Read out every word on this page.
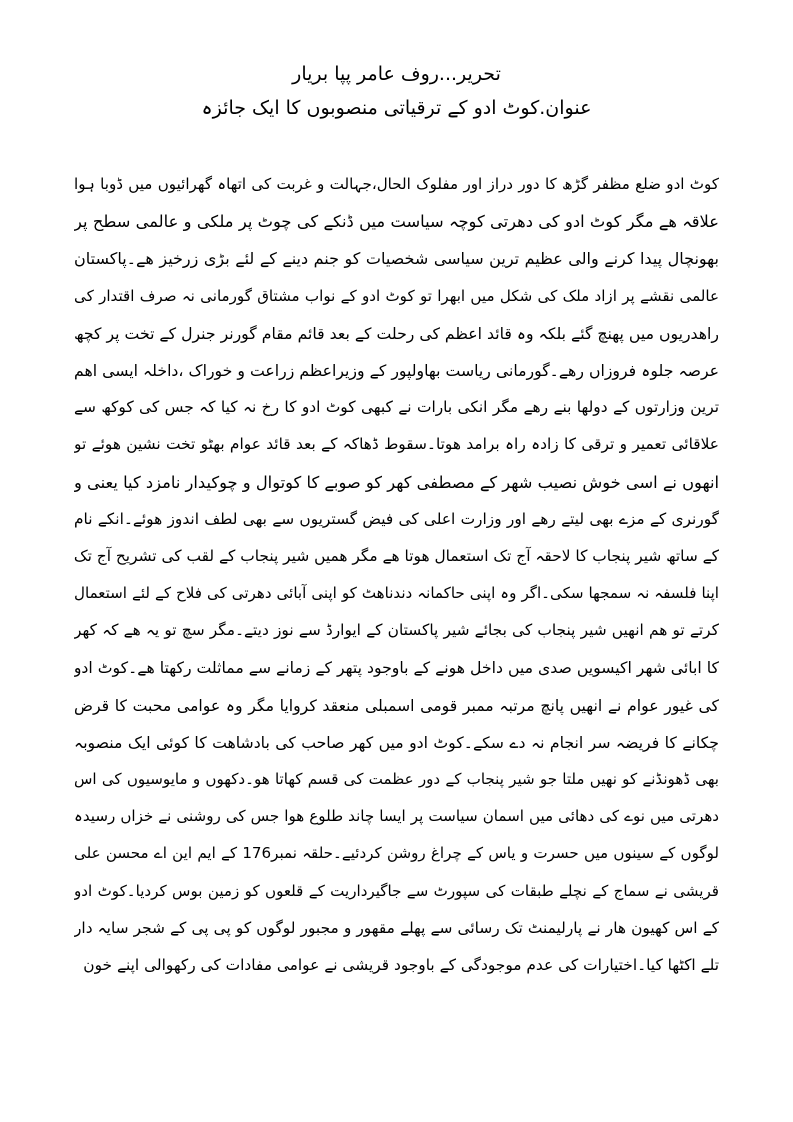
تحریر...روف عامر پپا بریار
عنوان.کوٹ ادو کے ترقیاتی منصوبوں کا ایک جائزہ
کوٹ ادو ضلع مظفر گڑھ کا دور دراز اور مفلوک الحال،جہالت و غربت کی اتھاہ گھرائیوں میں ڈوبا ہوا
علاقہ ھے مگر کوٹ ادو کی دھرتی کوچہ سیاست میں ڈنکے کی چوٹ پر ملکی و عالمی سطح پر
بھونچال پیدا کرنے والی عظیم ترین سیاسی شخصیات کو جنم دینے کے لئے بڑی زرخیز ھے۔پاکستان
عالمی نقشے پر ازاد ملک کی شکل میں ابھرا تو کوٹ ادو کے نواب مشتاق گورمانی نہ صرف اقتدار کی
راھدریوں میں پھنچ گئے بلکہ وہ قائد اعظم کی رحلت کے بعد قائم مقام گورنر جنرل کے تخت پر کچھ
عرصہ جلوہ فروزاں رھے۔گورمانی ریاست بھاولپور کے وزیراعظم زراعت و خوراک ،داخلہ ایسی اھم
ترین وزارتوں کے دولھا بنے رھے مگر انکی بارات نے کبھی کوٹ ادو کا رخ نہ کیا کہ جس کی کوکھ سے
علاقائی تعمیر و ترقی کا زادہ راہ برامد ھوتا۔سقوط ڈھاکہ کے بعد قائد عوام بھٹو تخت نشین ھوئے تو
انھوں نے اسی خوش نصیب شھر کے مصطفی کھر کو صوبے کا کوتوال و چوکیدار نامزد کیا یعنی و
گورنری کے مزے بھی لیتے رھے اور وزارت اعلی کی فیض گستریوں سے بھی لطف اندوز ھوئے۔انکے نام
کے ساتھ شیر پنجاب کا لاحقہ آج تک استعمال ھوتا ھے مگر ھمیں شیر پنجاب کے لقب کی تشریح آج تک
اپنا فلسفہ نہ سمجھا سکی۔اگر وہ اپنی حاکمانہ دندناھٹ کو اپنی آبائی دھرتی کی فلاح کے لئے استعمال
کرتے تو ھم انھیں شیر پنجاب کی بجائے شیر پاکستان کے ایوارڈ سے نوز دیتے۔مگر سچ تو یہ ھے کہ کھر
کا ابائی شھر اکیسویں صدی میں داخل ھونے کے باوجود پتھر کے زمانے سے مماثلت رکھتا ھے۔کوٹ ادو
کی غیور عوام نے انھیں پانچ مرتبہ ممبر قومی اسمبلی منعقد کروایا مگر وہ عوامی محبت کا قرض
چکانے کا فریضہ سر انجام نہ دے سکے۔کوٹ ادو میں کھر صاحب کی بادشاھت کا کوئی ایک منصوبہ
بھی ڈھونڈنے کو نھیں ملتا جو شیر پنجاب کے دور عظمت کی قسم کھاتا ھو۔دکھوں و مایوسیوں کی اس
دھرتی میں نوے کی دھائی میں اسمان سیاست پر ایسا چاند طلوع ھوا جس کی روشنی نے خزاں رسیدہ
لوگوں کے سینوں میں حسرت و یاس کے چراغ روشن کردئیے۔حلقہ نمبر176 کے ایم این اے محسن علی
قریشی نے سماج کے نچلے طبقات کی سپورٹ سے جاگیرداریت کے قلعوں کو زمین بوس کردیا۔کوٹ ادو
کے اس کھیون ھار نے پارلیمنٹ تک رسائی سے پھلے مقھور و مجبور لوگوں کو پی پی کے شجر سایہ دار
تلے اکٹھا کیا۔اختیارات کی عدم موجودگی کے باوجود قریشی نے عوامی مفادات کی رکھوالی اپنے خون
